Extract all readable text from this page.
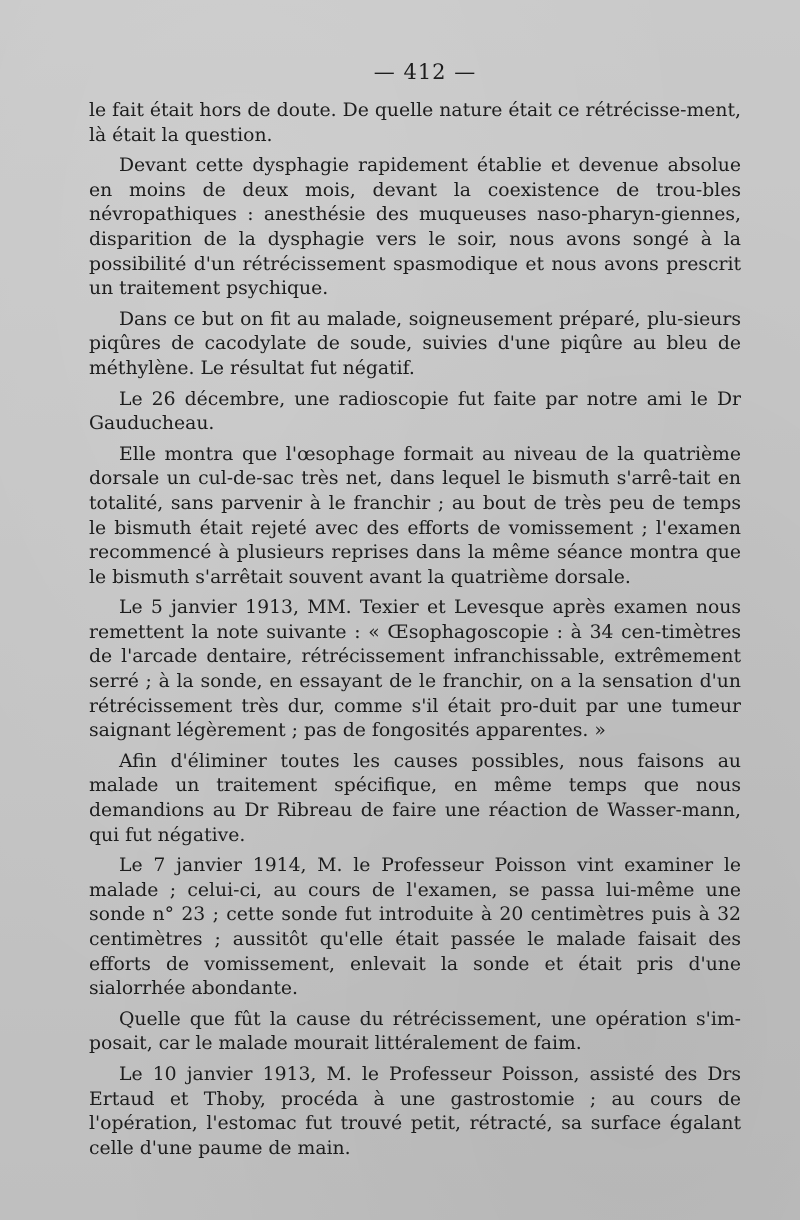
— 412 —

le fait était hors de doute. De quelle nature était ce rétrécisse-ment, là était la question.

Devant cette dysphagie rapidement établie et devenue absolue en moins de deux mois, devant la coexistence de trou-bles névropathiques : anesthésie des muqueuses naso-pharyn-giennes, disparition de la dysphagie vers le soir, nous avons songé à la possibilité d'un rétrécissement spasmodique et nous avons prescrit un traitement psychique.

Dans ce but on fit au malade, soigneusement préparé, plu-sieurs piqûres de cacodylate de soude, suivies d'une piqûre au bleu de méthylène. Le résultat fut négatif.

Le 26 décembre, une radioscopie fut faite par notre ami le Dr Gauducheau.

Elle montra que l'œsophage formait au niveau de la quatrième dorsale un cul-de-sac très net, dans lequel le bismuth s'arrê-tait en totalité, sans parvenir à le franchir ; au bout de très peu de temps le bismuth était rejeté avec des efforts de vomissement ; l'examen recommencé à plusieurs reprises dans la même séance montra que le bismuth s'arrêtait souvent avant la quatrième dorsale.

Le 5 janvier 1913, MM. Texier et Levesque après examen nous remettent la note suivante : « Œsophagoscopie : à 34 cen-timètres de l'arcade dentaire, rétrécissement infranchissable, extrêmement serré ; à la sonde, en essayant de le franchir, on a la sensation d'un rétrécissement très dur, comme s'il était pro-duit par une tumeur saignant légèrement ; pas de fongosités apparentes. »

Afin d'éliminer toutes les causes possibles, nous faisons au malade un traitement spécifique, en même temps que nous demandions au Dr Ribreau de faire une réaction de Wasser-mann, qui fut négative.

Le 7 janvier 1914, M. le Professeur Poisson vint examiner le malade ; celui-ci, au cours de l'examen, se passa lui-même une sonde n° 23 ; cette sonde fut introduite à 20 centimètres puis à 32 centimètres ; aussitôt qu'elle était passée le malade faisait des efforts de vomissement, enlevait la sonde et était pris d'une sialorrhée abondante.

Quelle que fût la cause du rétrécissement, une opération s'im-posait, car le malade mourait littéralement de faim.

Le 10 janvier 1913, M. le Professeur Poisson, assisté des Drs Ertaud et Thoby, procéda à une gastrostomie ; au cours de l'opération, l'estomac fut trouvé petit, rétracté, sa surface égalant celle d'une paume de main.
